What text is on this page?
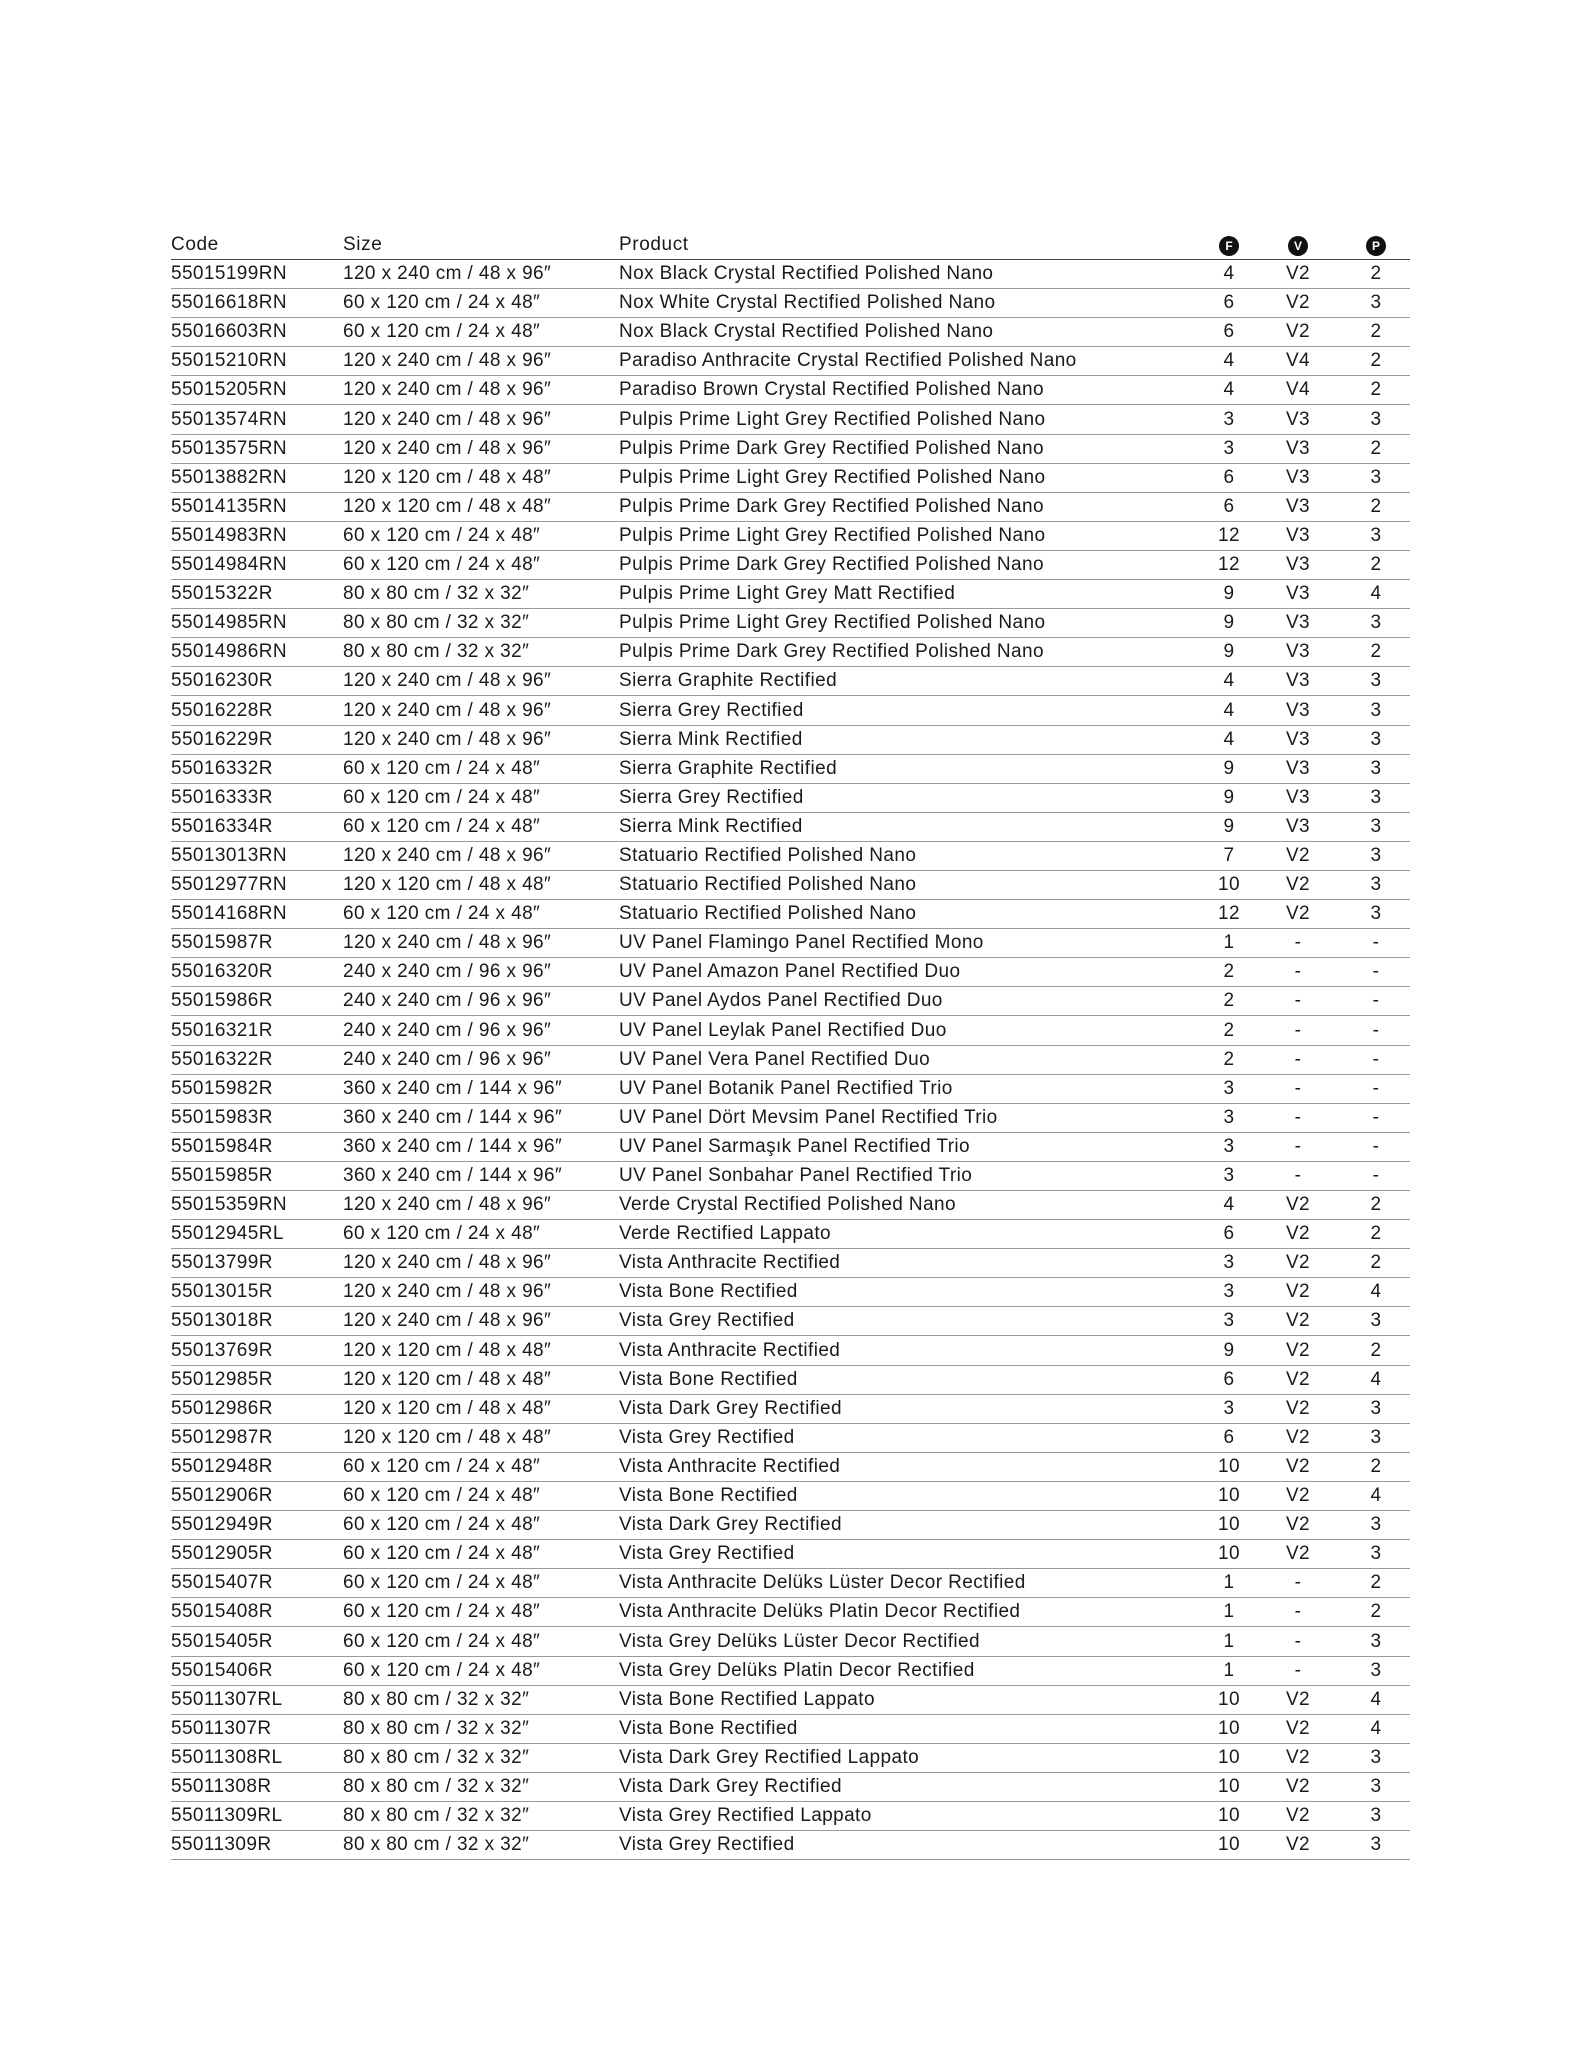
Code	Size	Product	F	V	P
55015199RN	120 x 240 cm / 48 x 96″	Nox Black Crystal Rectified Polished Nano	4	V2	2
55016618RN	60 x 120 cm / 24 x 48″	Nox White Crystal Rectified Polished Nano	6	V2	3
55016603RN	60 x 120 cm / 24 x 48″	Nox Black Crystal Rectified Polished Nano	6	V2	2
55015210RN	120 x 240 cm / 48 x 96″	Paradiso Anthracite Crystal Rectified Polished Nano	4	V4	2
55015205RN	120 x 240 cm / 48 x 96″	Paradiso Brown Crystal Rectified Polished Nano	4	V4	2
55013574RN	120 x 240 cm / 48 x 96″	Pulpis Prime Light Grey Rectified Polished Nano	3	V3	3
55013575RN	120 x 240 cm / 48 x 96″	Pulpis Prime Dark Grey Rectified Polished Nano	3	V3	2
55013882RN	120 x 120 cm / 48 x 48″	Pulpis Prime Light Grey Rectified Polished Nano	6	V3	3
55014135RN	120 x 120 cm / 48 x 48″	Pulpis Prime Dark Grey Rectified Polished Nano	6	V3	2
55014983RN	60 x 120 cm / 24 x 48″	Pulpis Prime Light Grey Rectified Polished Nano	12	V3	3
55014984RN	60 x 120 cm / 24 x 48″	Pulpis Prime Dark Grey Rectified Polished Nano	12	V3	2
55015322R	80 x 80 cm / 32 x 32″	Pulpis Prime Light Grey Matt Rectified	9	V3	4
55014985RN	80 x 80 cm / 32 x 32″	Pulpis Prime Light Grey Rectified Polished Nano	9	V3	3
55014986RN	80 x 80 cm / 32 x 32″	Pulpis Prime Dark Grey Rectified Polished Nano	9	V3	2
55016230R	120 x 240 cm / 48 x 96″	Sierra Graphite Rectified	4	V3	3
55016228R	120 x 240 cm / 48 x 96″	Sierra Grey Rectified	4	V3	3
55016229R	120 x 240 cm / 48 x 96″	Sierra Mink Rectified	4	V3	3
55016332R	60 x 120 cm / 24 x 48″	Sierra Graphite Rectified	9	V3	3
55016333R	60 x 120 cm / 24 x 48″	Sierra Grey Rectified	9	V3	3
55016334R	60 x 120 cm / 24 x 48″	Sierra Mink Rectified	9	V3	3
55013013RN	120 x 240 cm / 48 x 96″	Statuario Rectified Polished Nano	7	V2	3
55012977RN	120 x 120 cm / 48 x 48″	Statuario Rectified Polished Nano	10	V2	3
55014168RN	60 x 120 cm / 24 x 48″	Statuario Rectified Polished Nano	12	V2	3
55015987R	120 x 240 cm / 48 x 96″	UV Panel Flamingo Panel Rectified Mono	1	-	-
55016320R	240 x 240 cm / 96 x 96″	UV Panel Amazon Panel Rectified Duo	2	-	-
55015986R	240 x 240 cm / 96 x 96″	UV Panel Aydos Panel Rectified Duo	2	-	-
55016321R	240 x 240 cm / 96 x 96″	UV Panel Leylak Panel Rectified Duo	2	-	-
55016322R	240 x 240 cm / 96 x 96″	UV Panel Vera Panel Rectified Duo	2	-	-
55015982R	360 x 240 cm / 144 x 96″	UV Panel Botanik Panel Rectified Trio	3	-	-
55015983R	360 x 240 cm / 144 x 96″	UV Panel Dört Mevsim Panel Rectified Trio	3	-	-
55015984R	360 x 240 cm / 144 x 96″	UV Panel Sarmaşık Panel Rectified Trio	3	-	-
55015985R	360 x 240 cm / 144 x 96″	UV Panel Sonbahar Panel Rectified Trio	3	-	-
55015359RN	120 x 240 cm / 48 x 96″	Verde Crystal Rectified Polished Nano	4	V2	2
55012945RL	60 x 120 cm / 24 x 48″	Verde Rectified Lappato	6	V2	2
55013799R	120 x 240 cm / 48 x 96″	Vista Anthracite Rectified	3	V2	2
55013015R	120 x 240 cm / 48 x 96″	Vista Bone Rectified	3	V2	4
55013018R	120 x 240 cm / 48 x 96″	Vista Grey Rectified	3	V2	3
55013769R	120 x 120 cm / 48 x 48″	Vista Anthracite Rectified	9	V2	2
55012985R	120 x 120 cm / 48 x 48″	Vista Bone Rectified	6	V2	4
55012986R	120 x 120 cm / 48 x 48″	Vista Dark Grey Rectified	3	V2	3
55012987R	120 x 120 cm / 48 x 48″	Vista Grey Rectified	6	V2	3
55012948R	60 x 120 cm / 24 x 48″	Vista Anthracite Rectified	10	V2	2
55012906R	60 x 120 cm / 24 x 48″	Vista Bone Rectified	10	V2	4
55012949R	60 x 120 cm / 24 x 48″	Vista Dark Grey Rectified	10	V2	3
55012905R	60 x 120 cm / 24 x 48″	Vista Grey Rectified	10	V2	3
55015407R	60 x 120 cm / 24 x 48″	Vista Anthracite Delüks Lüster Decor Rectified	1	-	2
55015408R	60 x 120 cm / 24 x 48″	Vista Anthracite Delüks Platin Decor Rectified	1	-	2
55015405R	60 x 120 cm / 24 x 48″	Vista Grey Delüks Lüster Decor Rectified	1	-	3
55015406R	60 x 120 cm / 24 x 48″	Vista Grey Delüks Platin Decor Rectified	1	-	3
55011307RL	80 x 80 cm / 32 x 32″	Vista Bone Rectified Lappato	10	V2	4
55011307R	80 x 80 cm / 32 x 32″	Vista Bone Rectified	10	V2	4
55011308RL	80 x 80 cm / 32 x 32″	Vista Dark Grey Rectified Lappato	10	V2	3
55011308R	80 x 80 cm / 32 x 32″	Vista Dark Grey Rectified	10	V2	3
55011309RL	80 x 80 cm / 32 x 32″	Vista Grey Rectified Lappato	10	V2	3
55011309R	80 x 80 cm / 32 x 32″	Vista Grey Rectified	10	V2	3
